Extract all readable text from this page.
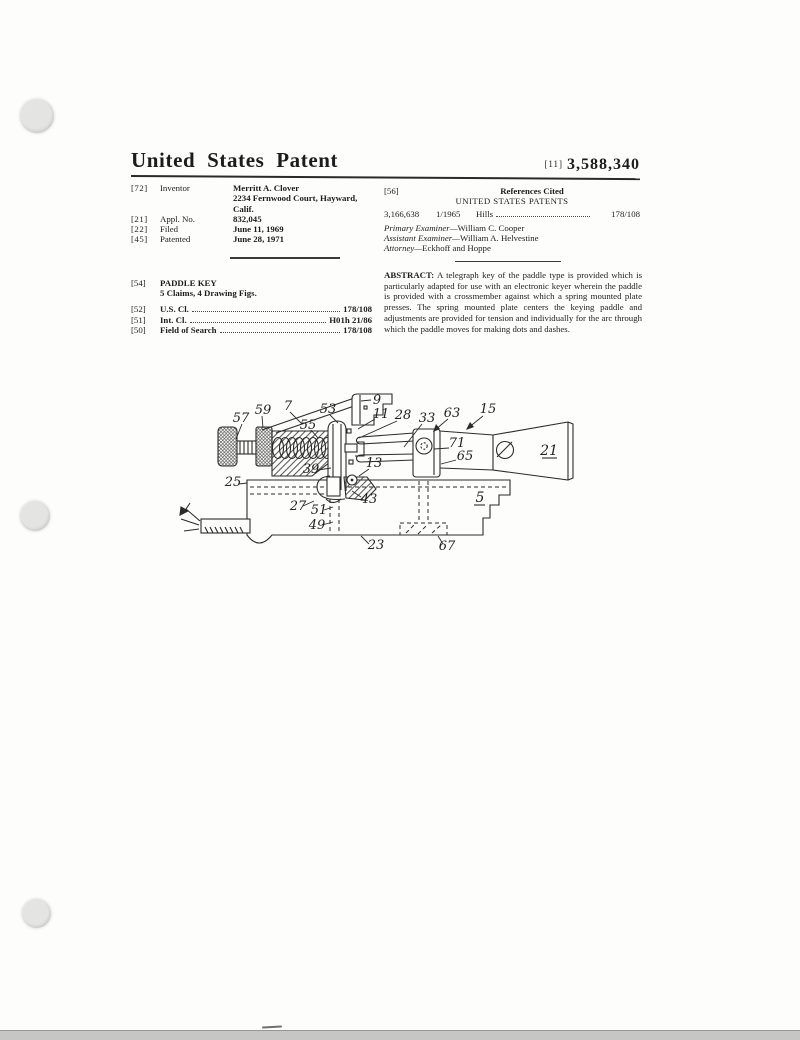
United States Patent	[11] 3,588,340
[72]	Inventor	Merritt A. Clover
2234 Fernwood Court, Hayward, Calif.
[21]	Appl. No.	832,045
[22]	Filed	June 11, 1969
[45]	Patented	June 28, 1971
[54]	PADDLE KEY
5 Claims, 4 Drawing Figs.
[52]	U.S. Cl.	178/108
[51]	Int. Cl.	H01h 21/86
[50]	Field of Search	178/108
[56]	References Cited
UNITED STATES PATENTS
3,166,638	1/1965	Hills	178/108
Primary Examiner—William C. Cooper
Assistant Examiner—William A. Helvestine
Attorney—Eckhoff and Hoppe
ABSTRACT: A telegraph key of the paddle type is provided which is particularly adapted for use with an electronic keyer wherein the paddle is provided with a crossmember against which a spring mounted plate presses. The spring mounted plate centers the keying paddle and adjustments are provided for tension and individually for the arc through which the paddle moves for making dots and dashes.
57
59 7 53
55
9
11 28 33 63 15
71
65	21
39	13
25
43
27 51
49
23	67
5
